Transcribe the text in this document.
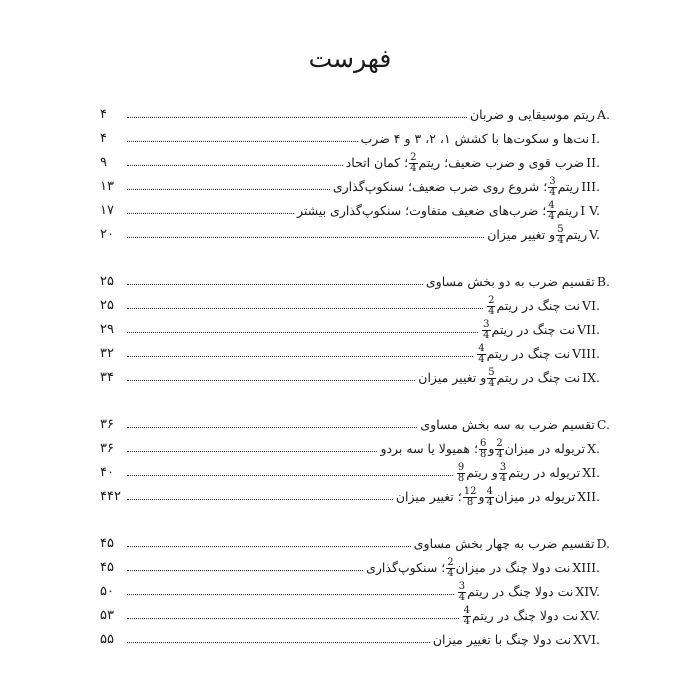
فهرست
A.
ریتم موسیقایی و ضربان
۴
I.
نت‌ها و سکوت‌ها با کشش ۱، ۲، ۳ و ۴ ضرب
۴
II.
ضرب قوی و ضرب ضعیف؛ ریتم
$\frac{2}{4}$
؛ کمان اتحاد
۹
III.
ریتم
$\frac{3}{4}$
؛ شروع روی ضرب ضعیف؛ سنکوپ‌گذاری
۱۳
I V.
ریتم
$\frac{4}{4}$
؛ ضرب‌های ضعیف متفاوت؛ سنکوپ‌گذاری بیشتر
۱۷
V.
ریتم
$\frac{5}{4}$
و تغییر میزان
۲۰
B.
تقسیم ضرب به دو بخش مساوی
۲۵
VI.
نت چنگ در ریتم
$\frac{2}{4}$
۲۵
VII.
نت چنگ در ریتم
$\frac{3}{4}$
۲۹
VIII.
نت چنگ در ریتم
$\frac{4}{4}$
۳۲
IX.
نت چنگ در ریتم
$\frac{5}{4}$
و تغییر میزان
۳۴
C.
تقسیم ضرب به سه بخش مساوی
۳۶
X.
تریوله در میزان
$\frac{2}{4}$
و
$\frac{6}{8}$
؛ همیولا یا سه بردو
۳۶
XI.
تریوله در ریتم
$\frac{3}{4}$
و ریتم
$\frac{9}{8}$
۴۰
XII.
تریوله در میزان
$\frac{4}{4}$
و
$\frac{12}{8}$
؛ تغییر میزان
۴۴۲
D.
تقسیم ضرب به چهار بخش مساوی
۴۵
XIII.
نت دولا چنگ در میزان
$\frac{2}{4}$
؛ سنکوپ‌گذاری
۴۵
XIV.
نت دولا چنگ در ریتم
$\frac{3}{4}$
۵۰
XV.
نت دولا چنگ در ریتم
$\frac{4}{4}$
۵۳
XVI.
نت دولا چنگ با تغییر میزان
۵۵
